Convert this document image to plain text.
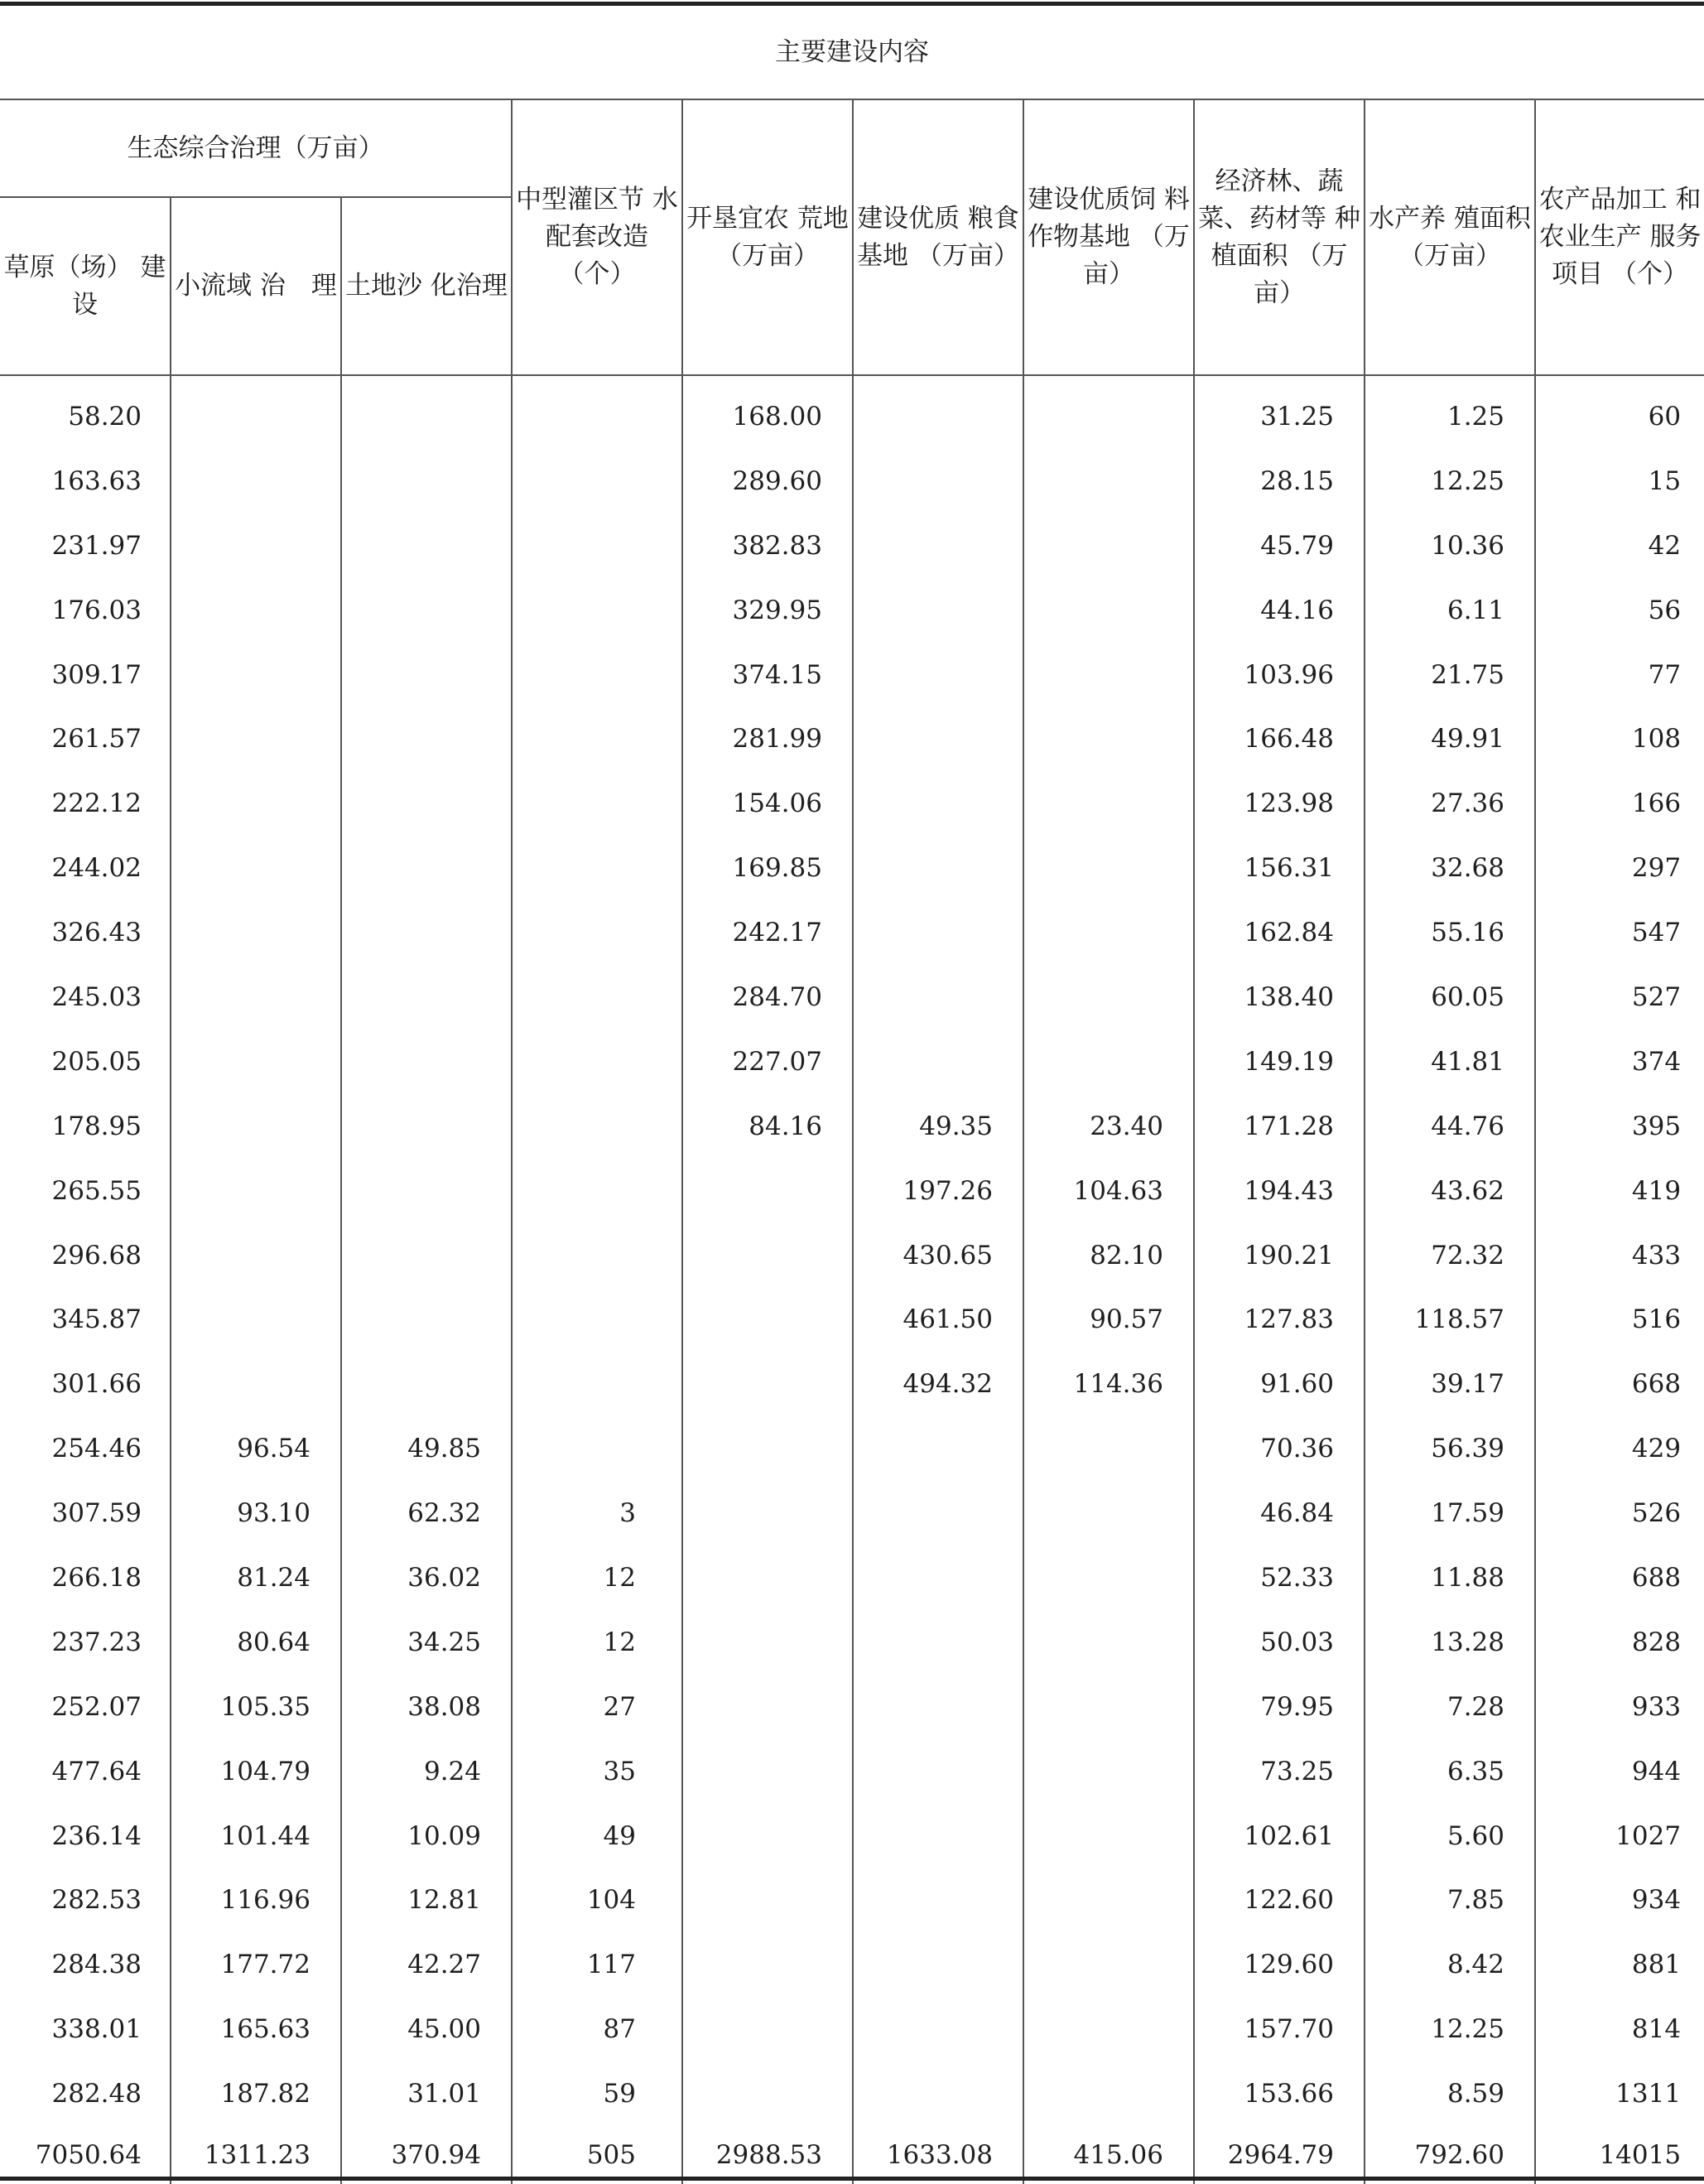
主要建设内容									
生态综合治理（万亩）			中型灌区节 水配套改造 （个）	开垦宜农 荒地 （万亩）	建设优质 粮食基地 （万亩）	建设优质饲 料作物基地 （万亩）	经济林、蔬 菜、药材等 种植面积 （万亩）	水产养 殖面积 （万亩）	农产品加工 和农业生产 服务项目 （个）
草原（场） 建　设	小流域 治　理	土地沙 化治理							
58.20				168.00			31.25	1.25	60
163.63				289.60			28.15	12.25	15
231.97				382.83			45.79	10.36	42
176.03				329.95			44.16	6.11	56
309.17				374.15			103.96	21.75	77
261.57				281.99			166.48	49.91	108
222.12				154.06			123.98	27.36	166
244.02				169.85			156.31	32.68	297
326.43				242.17			162.84	55.16	547
245.03				284.70			138.40	60.05	527
205.05				227.07			149.19	41.81	374
178.95				84.16	49.35	23.40	171.28	44.76	395
265.55					197.26	104.63	194.43	43.62	419
296.68					430.65	82.10	190.21	72.32	433
345.87					461.50	90.57	127.83	118.57	516
301.66					494.32	114.36	91.60	39.17	668
254.46	96.54	49.85					70.36	56.39	429
307.59	93.10	62.32	3				46.84	17.59	526
266.18	81.24	36.02	12				52.33	11.88	688
237.23	80.64	34.25	12				50.03	13.28	828
252.07	105.35	38.08	27				79.95	7.28	933
477.64	104.79	9.24	35				73.25	6.35	944
236.14	101.44	10.09	49				102.61	5.60	1027
282.53	116.96	12.81	104				122.60	7.85	934
284.38	177.72	42.27	117				129.60	8.42	881
338.01	165.63	45.00	87				157.70	12.25	814
282.48	187.82	31.01	59				153.66	8.59	1311
7050.64	1311.23	370.94	505	2988.53	1633.08	415.06	2964.79	792.60	14015
